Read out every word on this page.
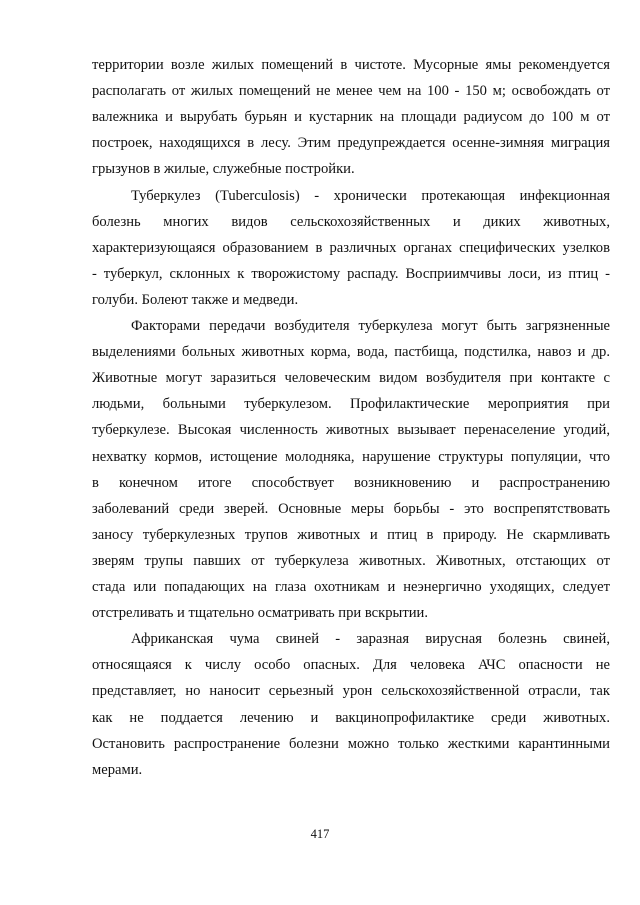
территории возле жилых помещений в чистоте. Мусорные ямы рекомендуется
располагать от жилых помещений не менее чем на 100 - 150 м; освобождать от
валежника и вырубать бурьян и кустарник на площади радиусом до 100 м от
построек, находящихся в лесу. Этим предупреждается осенне-зимняя миграция
грызунов в жилые, служебные постройки.
Туберкулез (Tuberculosis) - хронически протекающая инфекционная
болезнь многих видов сельскохозяйственных и диких животных,
характеризующаяся образованием в различных органах специфических узелков
- туберкул, склонных к творожистому распаду. Восприимчивы лоси, из птиц -
голуби. Болеют также и медведи.
Факторами передачи возбудителя туберкулеза могут быть загрязненные
выделениями больных животных корма, вода, пастбища, подстилка, навоз и др.
Животные могут заразиться человеческим видом возбудителя при контакте с
людьми, больными туберкулезом. Профилактические мероприятия при
туберкулезе. Высокая численность животных вызывает перенаселение угодий,
нехватку кормов, истощение молодняка, нарушение структуры популяции, что
в конечном итоге способствует возникновению и распространению
заболеваний среди зверей. Основные меры борьбы - это воспрепятствовать
заносу туберкулезных трупов животных и птиц в природу. Не скармливать
зверям трупы павших от туберкулеза животных. Животных, отстающих от
стада или попадающих на глаза охотникам и неэнергично уходящих, следует
отстреливать и тщательно осматривать при вскрытии.
Африканская чума свиней - заразная вирусная болезнь свиней,
относящаяся к числу особо опасных. Для человека АЧС опасности не
представляет, но наносит серьезный урон сельскохозяйственной отрасли, так
как не поддается лечению и вакцинопрофилактике среди животных.
Остановить распространение болезни можно только жесткими карантинными
мерами.
417
